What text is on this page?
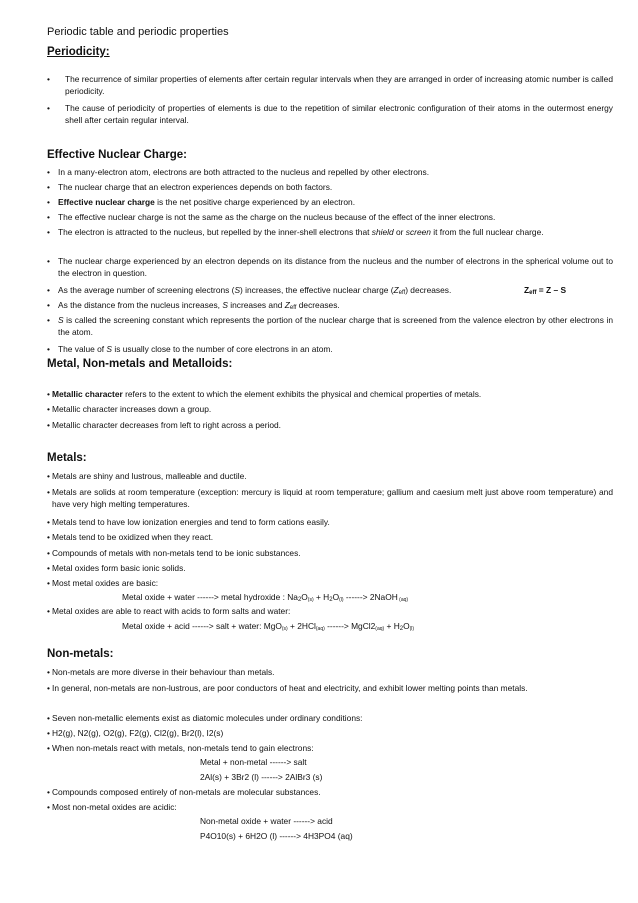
Periodic table and periodic properties
Periodicity:
• The recurrence of similar properties of elements after certain regular intervals when they are arranged in order of increasing atomic number is called periodicity.
• The cause of periodicity of properties of elements is due to the repetition of similar electronic configuration of their atoms in the outermost energy shell after certain regular interval.
Effective Nuclear Charge:
• In a many-electron atom, electrons are both attracted to the nucleus and repelled by other electrons.
• The nuclear charge that an electron experiences depends on both factors.
• Effective nuclear charge is the net positive charge experienced by an electron.
• The effective nuclear charge is not the same as the charge on the nucleus because of the effect of the inner electrons.
• The electron is attracted to the nucleus, but repelled by the inner-shell electrons that shield or screen it from the full nuclear charge.
• The nuclear charge experienced by an electron depends on its distance from the nucleus and the number of electrons in the spherical volume out to the electron in question.
• As the average number of screening electrons (S) increases, the effective nuclear charge (Zeff) decreases.	Zeff = Z – S
• As the distance from the nucleus increases, S increases and Zeff decreases.
• S is called the screening constant which represents the portion of the nuclear charge that is screened from the valence electron by other electrons in the atom.
• The value of S is usually close to the number of core electrons in an atom.
Metal, Non-metals and Metalloids:
• Metallic character refers to the extent to which the element exhibits the physical and chemical properties of metals.
• Metallic character increases down a group.
• Metallic character decreases from left to right across a period.
Metals:
• Metals are shiny and lustrous, malleable and ductile.
• Metals are solids at room temperature (exception: mercury is liquid at room temperature; gallium and caesium melt just above room temperature) and have very high melting temperatures.
• Metals tend to have low ionization energies and tend to form cations easily.
• Metals tend to be oxidized when they react.
• Compounds of metals with non-metals tend to be ionic substances.
• Metal oxides form basic ionic solids.
• Most metal oxides are basic:
Metal oxide + water ------> metal hydroxide : $Na2O_{(s)} + H2O_{(l)}$ ------> 2NaOH $_{(aq)}$
• Metal oxides are able to react with acids to form salts and water:
Metal oxide + acid ------> salt + water: MgO$_{(s)}$ + 2HCl$_{(aq)}$ ------> $MgCl2_{(aq)} + H2O_{(l)}$
Non-metals:
• Non-metals are more diverse in their behaviour than metals.
• In general, non-metals are non-lustrous, are poor conductors of heat and electricity, and exhibit lower melting points than metals.
• Seven non-metallic elements exist as diatomic molecules under ordinary conditions:
• H2(g), N2(g), O2(g), F2(g), Cl2(g), Br2(l), I2(s)
• When non-metals react with metals, non-metals tend to gain electrons:
Metal + non-metal ------> salt
2Al(s) + 3Br2 (l) ------> 2AlBr3 (s)
• Compounds composed entirely of non-metals are molecular substances.
• Most non-metal oxides are acidic:
Non-metal oxide + water ------> acid
P4O10(s) + 6H2O (l) ------> 4H3PO4 (aq)
